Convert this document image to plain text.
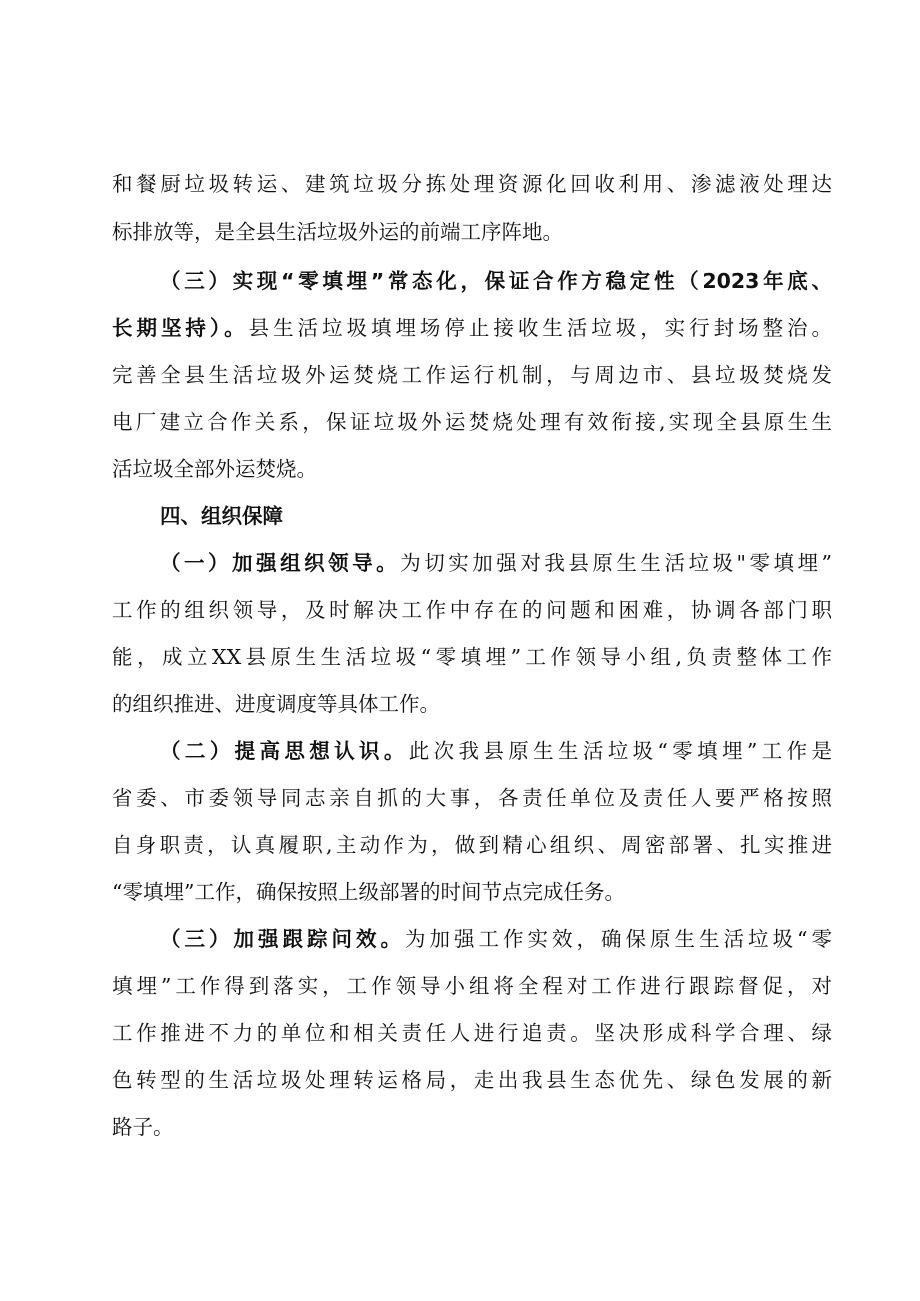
和餐厨垃圾转运、建筑垃圾分拣处理资源化回收利用、渗滤液处理达
标排放等，是全县生活垃圾外运的前端工序阵地。
（三）实现“零填埋”常态化，保证合作方稳定性（2023年底、
长期坚持）。县生活垃圾填埋场停止接收生活垃圾，实行封场整治。
完善全县生活垃圾外运焚烧工作运行机制，与周边市、县垃圾焚烧发
电厂建立合作关系，保证垃圾外运焚烧处理有效衔接,实现全县原生生
活垃圾全部外运焚烧。
四、组织保障
（一）加强组织领导。为切实加强对我县原生生活垃圾"零填埋”
工作的组织领导，及时解决工作中存在的问题和困难，协调各部门职
能，成立XX县原生生活垃圾“零填埋”工作领导小组,负责整体工作
的组织推进、进度调度等具体工作。
（二）提高思想认识。此次我县原生生活垃圾“零填埋”工作是
省委、市委领导同志亲自抓的大事，各责任单位及责任人要严格按照
自身职责，认真履职,主动作为，做到精心组织、周密部署、扎实推进
“零填埋”工作，确保按照上级部署的时间节点完成任务。
（三）加强跟踪问效。为加强工作实效，确保原生生活垃圾“零
填埋”工作得到落实，工作领导小组将全程对工作进行跟踪督促，对
工作推进不力的单位和相关责任人进行追责。坚决形成科学合理、绿
色转型的生活垃圾处理转运格局，走出我县生态优先、绿色发展的新
路子。
